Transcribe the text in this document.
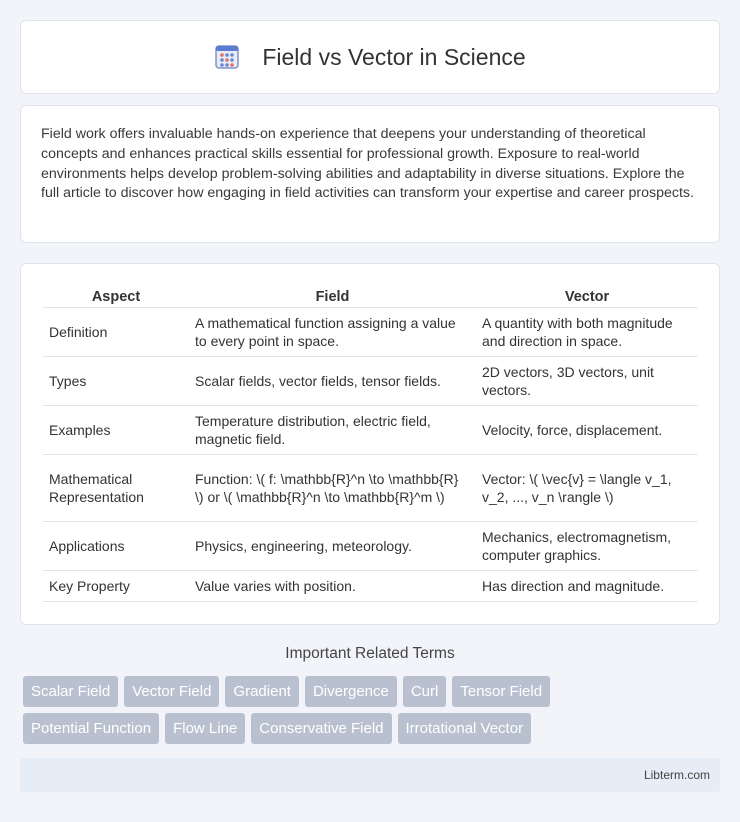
Field vs Vector in Science

Field work offers invaluable hands-on experience that deepens your understanding of theoretical concepts and enhances practical skills essential for professional growth. Exposure to real-world environments helps develop problem-solving abilities and adaptability in diverse situations. Explore the full article to discover how engaging in field activities can transform your expertise and career prospects.

Aspect	Field	Vector
Definition	A mathematical function assigning a value to every point in space.	A quantity with both magnitude and direction in space.
Types	Scalar fields, vector fields, tensor fields.	2D vectors, 3D vectors, unit vectors.
Examples	Temperature distribution, electric field, magnetic field.	Velocity, force, displacement.
Mathematical Representation	Function: \( f: \mathbb{R}^n \to \mathbb{R} \) or \( \mathbb{R}^n \to \mathbb{R}^m \)	Vector: \( \vec{v} = \langle v_1, v_2, ..., v_n \rangle \)
Applications	Physics, engineering, meteorology.	Mechanics, electromagnetism, computer graphics.
Key Property	Value varies with position.	Has direction and magnitude.
Important Related Terms
Scalar Field	Vector Field	Gradient	Divergence	Curl	Tensor Field
Potential Function	Flow Line	Conservative Field	Irrotational Vector
Libterm.com
